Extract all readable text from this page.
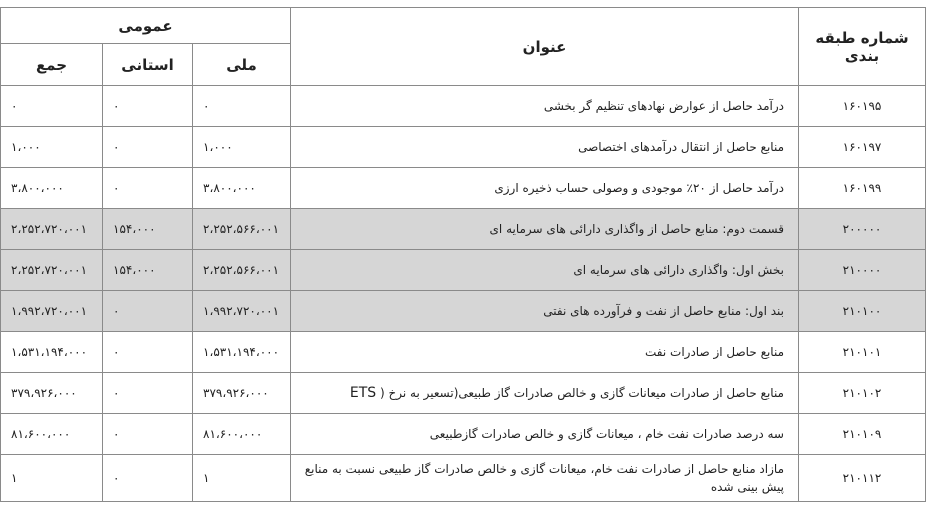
عمومی			عنوان	شماره طبقه بندی
جمع	استانی	ملی		
۰	۰	۰	درآمد حاصل از عوارض نهادهای تنظیم گر بخشی	۱۶۰۱۹۵
۱،۰۰۰	۰	۱،۰۰۰	منابع حاصل از انتقال درآمدهای اختصاصی	۱۶۰۱۹۷
۳،۸۰۰،۰۰۰	۰	۳،۸۰۰،۰۰۰	درآمد حاصل از ۲۰٪ موجودی و وصولی حساب ذخیره ارزی	۱۶۰۱۹۹
۲،۲۵۲،۷۲۰،۰۰۱	۱۵۴،۰۰۰	۲،۲۵۲،۵۶۶،۰۰۱	قسمت دوم: منابع حاصل از واگذاری دارائی های سرمایه ای	۲۰۰۰۰۰
۲،۲۵۲،۷۲۰،۰۰۱	۱۵۴،۰۰۰	۲،۲۵۲،۵۶۶،۰۰۱	بخش اول: واگذاری دارائی های سرمایه ای	۲۱۰۰۰۰
۱،۹۹۲،۷۲۰،۰۰۱	۰	۱،۹۹۲،۷۲۰،۰۰۱	بند اول: منابع حاصل از نفت و فرآورده های نفتی	۲۱۰۱۰۰
۱،۵۳۱،۱۹۴،۰۰۰	۰	۱،۵۳۱،۱۹۴،۰۰۰	منابع حاصل از صادرات نفت	۲۱۰۱۰۱
۳۷۹،۹۲۶،۰۰۰	۰	۳۷۹،۹۲۶،۰۰۰	منابع حاصل از صادرات میعانات گازی و خالص صادرات گاز طبیعی(تسعیر به نرخ ( ETS	۲۱۰۱۰۲
۸۱،۶۰۰،۰۰۰	۰	۸۱،۶۰۰،۰۰۰	سه درصد صادرات نفت خام ، میعانات گازی و خالص صادرات گازطبیعی	۲۱۰۱۰۹
۱	۰	۱	مازاد منابع حاصل از صادرات نفت خام، میعانات گازی و خالص صادرات گاز طبیعی نسبت به منابع پیش بینی شده	۲۱۰۱۱۲
